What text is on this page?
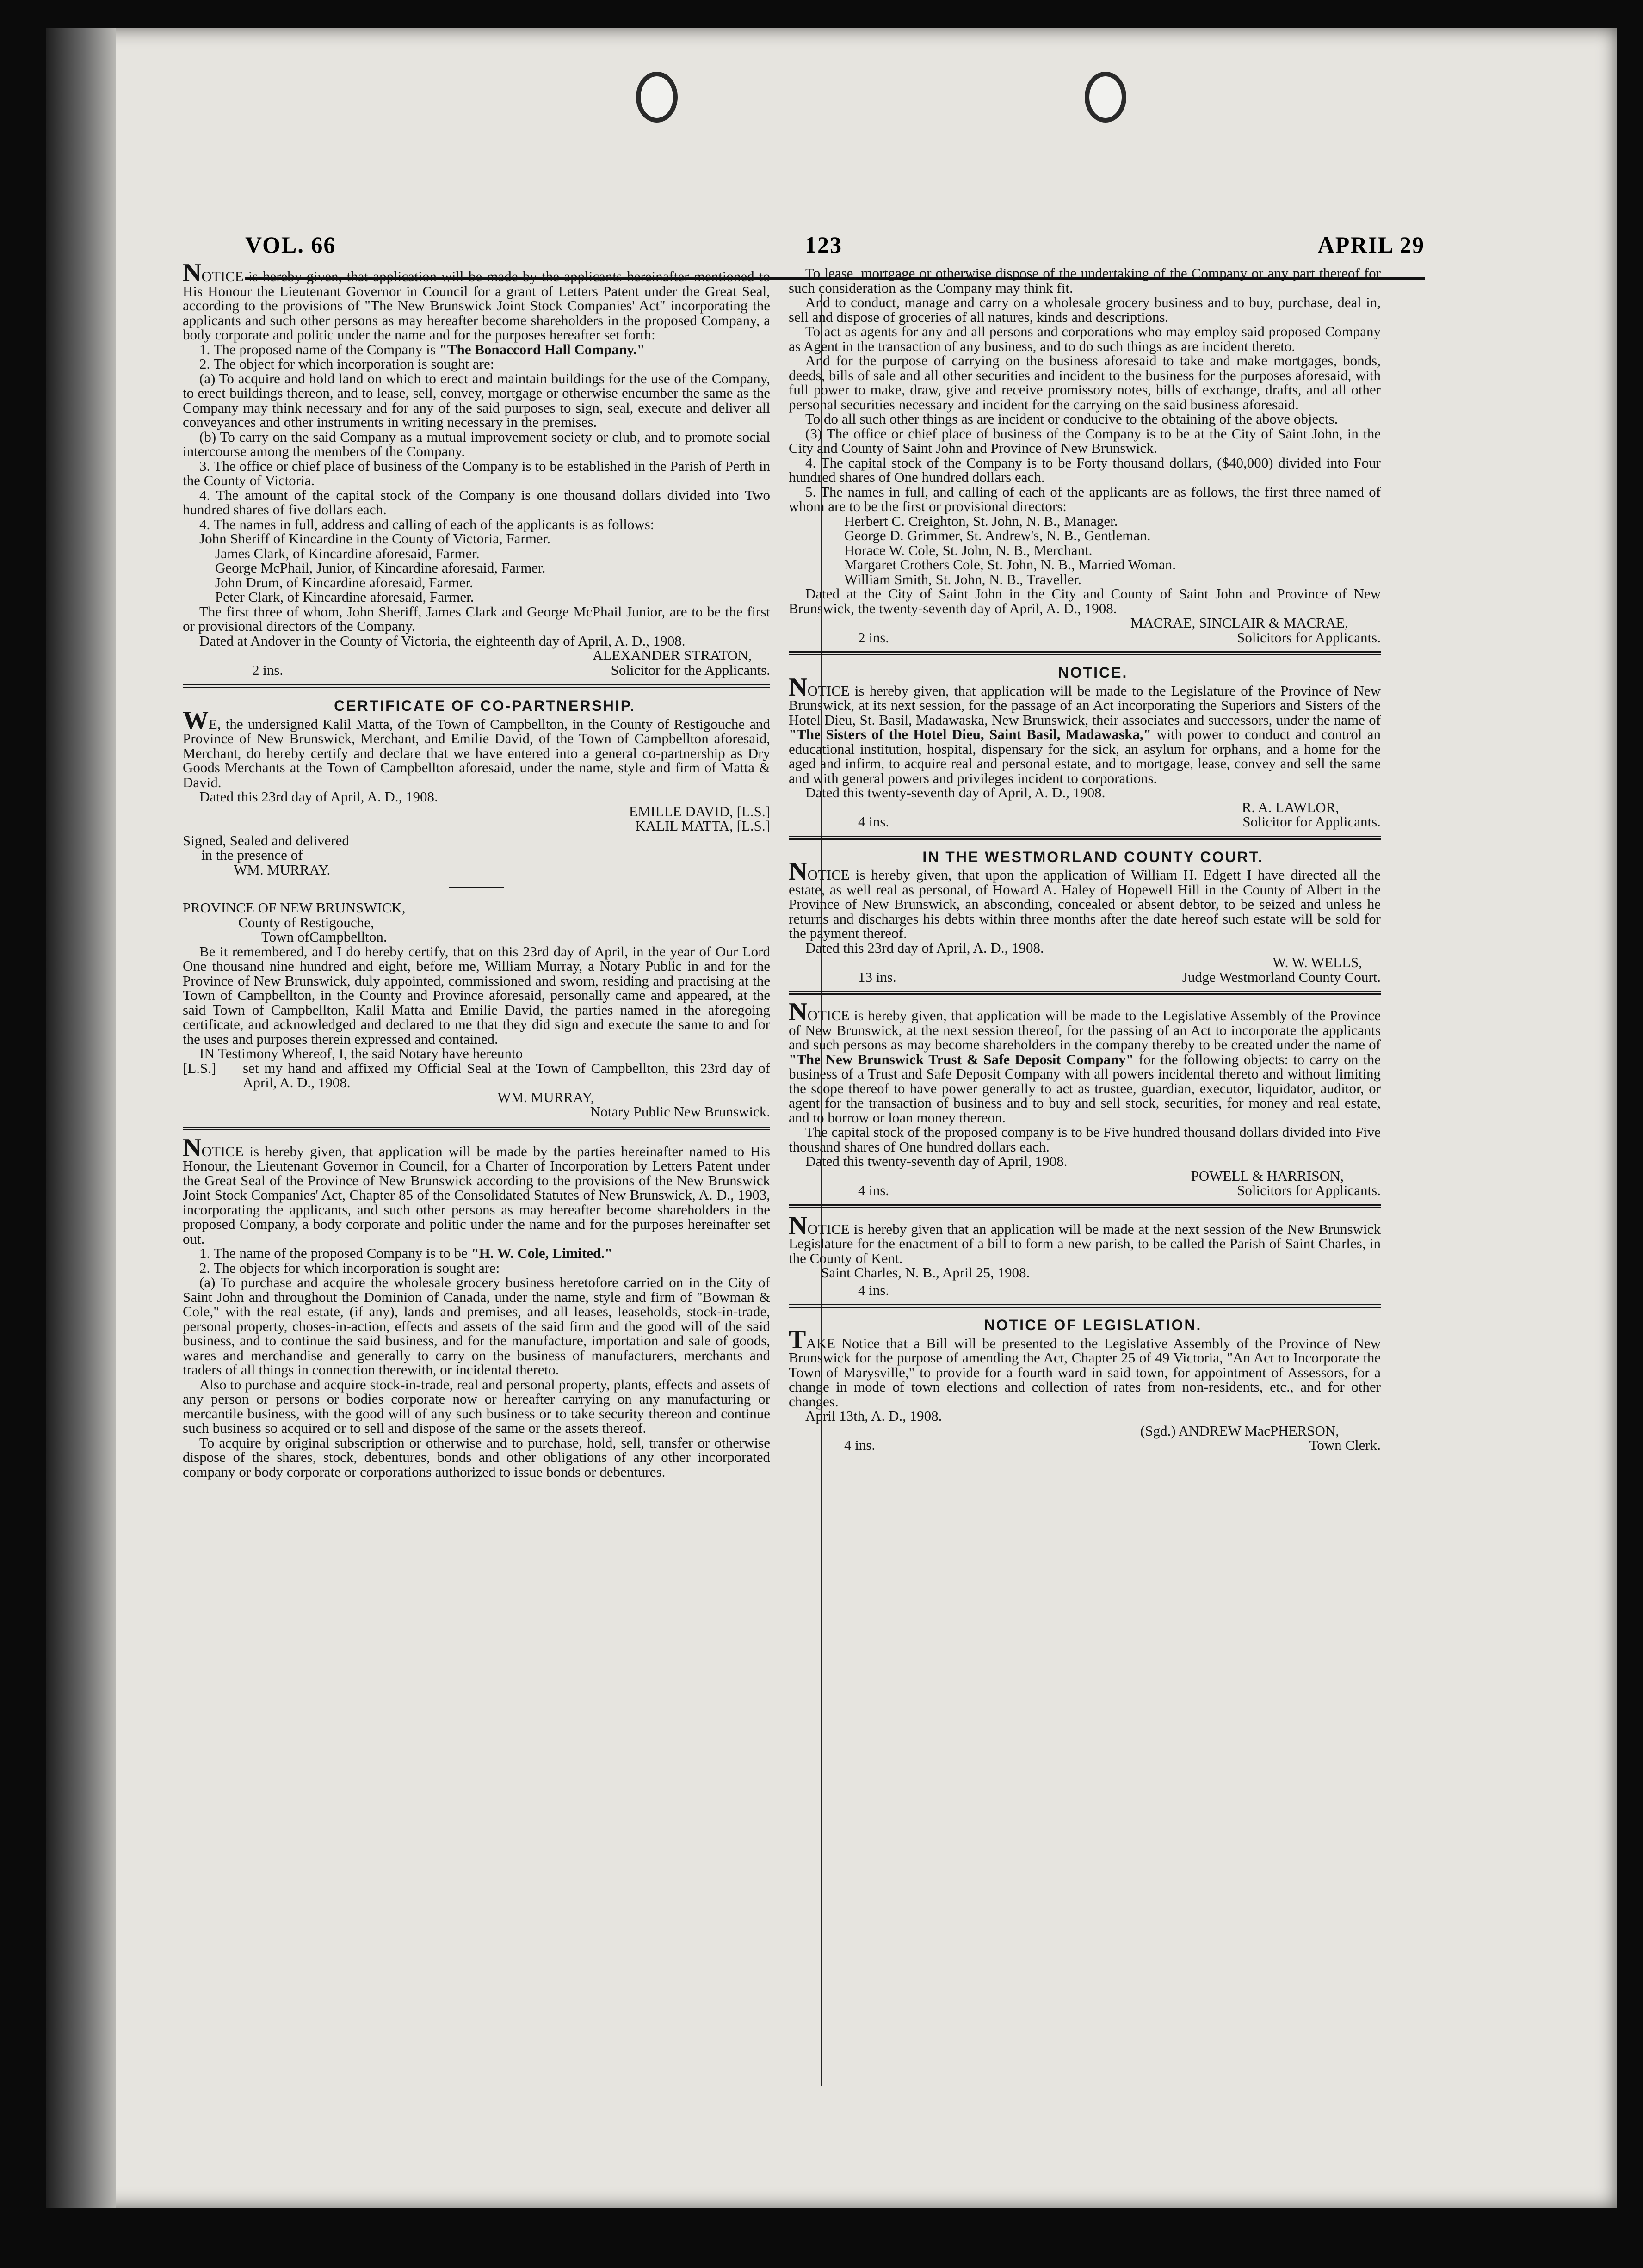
VOL. 66	123	APRIL 29

NOTICE is hereby given, that application will be made by the applicants hereinafter mentioned to His Honour the Lieutenant Governor in Council for a grant of Letters Patent under the Great Seal, according to the provisions of "The New Brunswick Joint Stock Companies' Act" incorporating the applicants and such other persons as may hereafter become shareholders in the proposed Company, a body corporate and politic under the name and for the purposes hereafter set forth:

1. The proposed name of the Company is "The Bonaccord Hall Company."

2. The object for which incorporation is sought are:

(a) To acquire and hold land on which to erect and maintain buildings for the use of the Company, to erect buildings thereon, and to lease, sell, convey, mortgage or otherwise encumber the same as the Company may think necessary and for any of the said purposes to sign, seal, execute and deliver all conveyances and other instruments in writing necessary in the premises.

(b) To carry on the said Company as a mutual improvement society or club, and to promote social intercourse among the members of the Company.

3. The office or chief place of business of the Company is to be established in the Parish of Perth in the County of Victoria.

4. The amount of the capital stock of the Company is one thousand dollars divided into Two hundred shares of five dollars each.

4. The names in full, address and calling of each of the applicants is as follows:

John Sheriff of Kincardine in the County of Victoria, Farmer.

James Clark, of Kincardine aforesaid, Farmer.

George McPhail, Junior, of Kincardine aforesaid, Farmer.

John Drum, of Kincardine aforesaid, Farmer.

Peter Clark, of Kincardine aforesaid, Farmer.

The first three of whom, John Sheriff, James Clark and George McPhail Junior, are to be the first or provisional directors of the Company.

Dated at Andover in the County of Victoria, the eighteenth day of April, A. D., 1908.

ALEXANDER STRATON,

2 ins.	Solicitor for the Applicants.

CERTIFICATE OF CO-PARTNERSHIP.

WE, the undersigned Kalil Matta, of the Town of Campbellton, in the County of Restigouche and Province of New Brunswick, Merchant, and Emilie David, of the Town of Campbellton aforesaid, Merchant, do hereby certify and declare that we have entered into a general co-partnership as Dry Goods Merchants at the Town of Campbellton aforesaid, under the name, style and firm of Matta & David.

Dated this 23rd day of April, A. D., 1908.

EMILLE DAVID, [L.S.]

KALIL MATTA, [L.S.]

Signed, Sealed and delivered

in the presence of

WM. MURRAY.

PROVINCE OF NEW BRUNSWICK,

County of Restigouche,

Town ofCampbellton.

Be it remembered, and I do hereby certify, that on this 23rd day of April, in the year of Our Lord One thousand nine hundred and eight, before me, William Murray, a Notary Public in and for the Province of New Brunswick, duly appointed, commissioned and sworn, residing and practising at the Town of Campbellton, in the County and Province aforesaid, personally came and appeared, at the said Town of Campbellton, Kalil Matta and Emilie David, the parties named in the aforegoing certificate, and acknowledged and declared to me that they did sign and execute the same to and for the uses and purposes therein expressed and contained.

IN Testimony Whereof, I, the said Notary have hereunto

[L.S.]	set my hand and affixed my Official Seal at the Town of Campbellton, this 23rd day of April, A. D., 1908.

WM. MURRAY,

Notary Public New Brunswick.

NOTICE is hereby given, that application will be made by the parties hereinafter named to His Honour, the Lieutenant Governor in Council, for a Charter of Incorporation by Letters Patent under the Great Seal of the Province of New Brunswick according to the provisions of the New Brunswick Joint Stock Companies' Act, Chapter 85 of the Consolidated Statutes of New Brunswick, A. D., 1903, incorporating the applicants, and such other persons as may hereafter become shareholders in the proposed Company, a body corporate and politic under the name and for the purposes hereinafter set out.

1. The name of the proposed Company is to be "H. W. Cole, Limited."

2. The objects for which incorporation is sought are:

(a) To purchase and acquire the wholesale grocery business heretofore carried on in the City of Saint John and throughout the Dominion of Canada, under the name, style and firm of "Bowman & Cole," with the real estate, (if any), lands and premises, and all leases, leaseholds, stock-in-trade, personal property, choses-in-action, effects and assets of the said firm and the good will of the said business, and to continue the said business, and for the manufacture, importation and sale of goods, wares and merchandise and generally to carry on the business of manufacturers, merchants and traders of all things in connection therewith, or incidental thereto.

Also to purchase and acquire stock-in-trade, real and personal property, plants, effects and assets of any person or persons or bodies corporate now or hereafter carrying on any manufacturing or mercantile business, with the good will of any such business or to take security thereon and continue such business so acquired or to sell and dispose of the same or the assets thereof.

To acquire by original subscription or otherwise and to purchase, hold, sell, transfer or otherwise dispose of the shares, stock, debentures, bonds and other obligations of any other incorporated company or body corporate or corporations authorized to issue bonds or debentures.

To lease, mortgage or otherwise dispose of the undertaking of the Company or any part thereof for such consideration as the Company may think fit.

And to conduct, manage and carry on a wholesale grocery business and to buy, purchase, deal in, sell and dispose of groceries of all natures, kinds and descriptions.

To act as agents for any and all persons and corporations who may employ said proposed Company as Agent in the transaction of any business, and to do such things as are incident thereto.

And for the purpose of carrying on the business aforesaid to take and make mortgages, bonds, deeds, bills of sale and all other securities and incident to the business for the purposes aforesaid, with full power to make, draw, give and receive promissory notes, bills of exchange, drafts, and all other personal securities necessary and incident for the carrying on the said business aforesaid.

To do all such other things as are incident or conducive to the obtaining of the above objects.

(3) The office or chief place of business of the Company is to be at the City of Saint John, in the City and County of Saint John and Province of New Brunswick.

4. The capital stock of the Company is to be Forty thousand dollars, ($40,000) divided into Four hundred shares of One hundred dollars each.

5. The names in full, and calling of each of the applicants are as follows, the first three named of whom are to be the first or provisional directors:

Herbert C. Creighton, St. John, N. B., Manager.

George D. Grimmer, St. Andrew's, N. B., Gentleman.

Horace W. Cole, St. John, N. B., Merchant.

Margaret Crothers Cole, St. John, N. B., Married Woman.

William Smith, St. John, N. B., Traveller.

Dated at the City of Saint John in the City and County of Saint John and Province of New Brunswick, the twenty-seventh day of April, A. D., 1908.

MACRAE, SINCLAIR & MACRAE,

2 ins.	Solicitors for Applicants.

NOTICE.

NOTICE is hereby given, that application will be made to the Legislature of the Province of New Brunswick, at its next session, for the passage of an Act incorporating the Superiors and Sisters of the Hotel Dieu, St. Basil, Madawaska, New Brunswick, their associates and successors, under the name of "The Sisters of the Hotel Dieu, Saint Basil, Madawaska," with power to conduct and control an educational institution, hospital, dispensary for the sick, an asylum for orphans, and a home for the aged and infirm, to acquire real and personal estate, and to mortgage, lease, convey and sell the same and with general powers and privileges incident to corporations.

Dated this twenty-seventh day of April, A. D., 1908.

R. A. LAWLOR,

4 ins.	Solicitor for Applicants.

IN THE WESTMORLAND COUNTY COURT.

NOTICE is hereby given, that upon the application of William H. Edgett I have directed all the estate, as well real as personal, of Howard A. Haley of Hopewell Hill in the County of Albert in the Province of New Brunswick, an absconding, concealed or absent debtor, to be seized and unless he returns and discharges his debts within three months after the date hereof such estate will be sold for the payment thereof.

Dated this 23rd day of April, A. D., 1908.

W. W. WELLS,

13 ins.	Judge Westmorland County Court.

NOTICE is hereby given, that application will be made to the Legislative Assembly of the Province of New Brunswick, at the next session thereof, for the passing of an Act to incorporate the applicants and such persons as may become shareholders in the company thereby to be created under the name of "The New Brunswick Trust & Safe Deposit Company" for the following objects: to carry on the business of a Trust and Safe Deposit Company with all powers incidental thereto and without limiting the scope thereof to have power generally to act as trustee, guardian, executor, liquidator, auditor, or agent for the transaction of business and to buy and sell stock, securities, for money and real estate, and to borrow or loan money thereon.

The capital stock of the proposed company is to be Five hundred thousand dollars divided into Five thousand shares of One hundred dollars each.

Dated this twenty-seventh day of April, 1908.

POWELL & HARRISON,

4 ins.	Solicitors for Applicants.

NOTICE is hereby given that an application will be made at the next session of the New Brunswick Legislature for the enactment of a bill to form a new parish, to be called the Parish of Saint Charles, in the County of Kent.

Saint Charles, N. B., April 25, 1908.

4 ins.

NOTICE OF LEGISLATION.

TAKE Notice that a Bill will be presented to the Legislative Assembly of the Province of New Brunswick for the purpose of amending the Act, Chapter 25 of 49 Victoria, "An Act to Incorporate the Town of Marysville," to provide for a fourth ward in said town, for appointment of Assessors, for a change in mode of town elections and collection of rates from non-residents, etc., and for other changes.

April 13th, A. D., 1908.

(Sgd.) ANDREW MacPHERSON,

4 ins.	Town Clerk.
